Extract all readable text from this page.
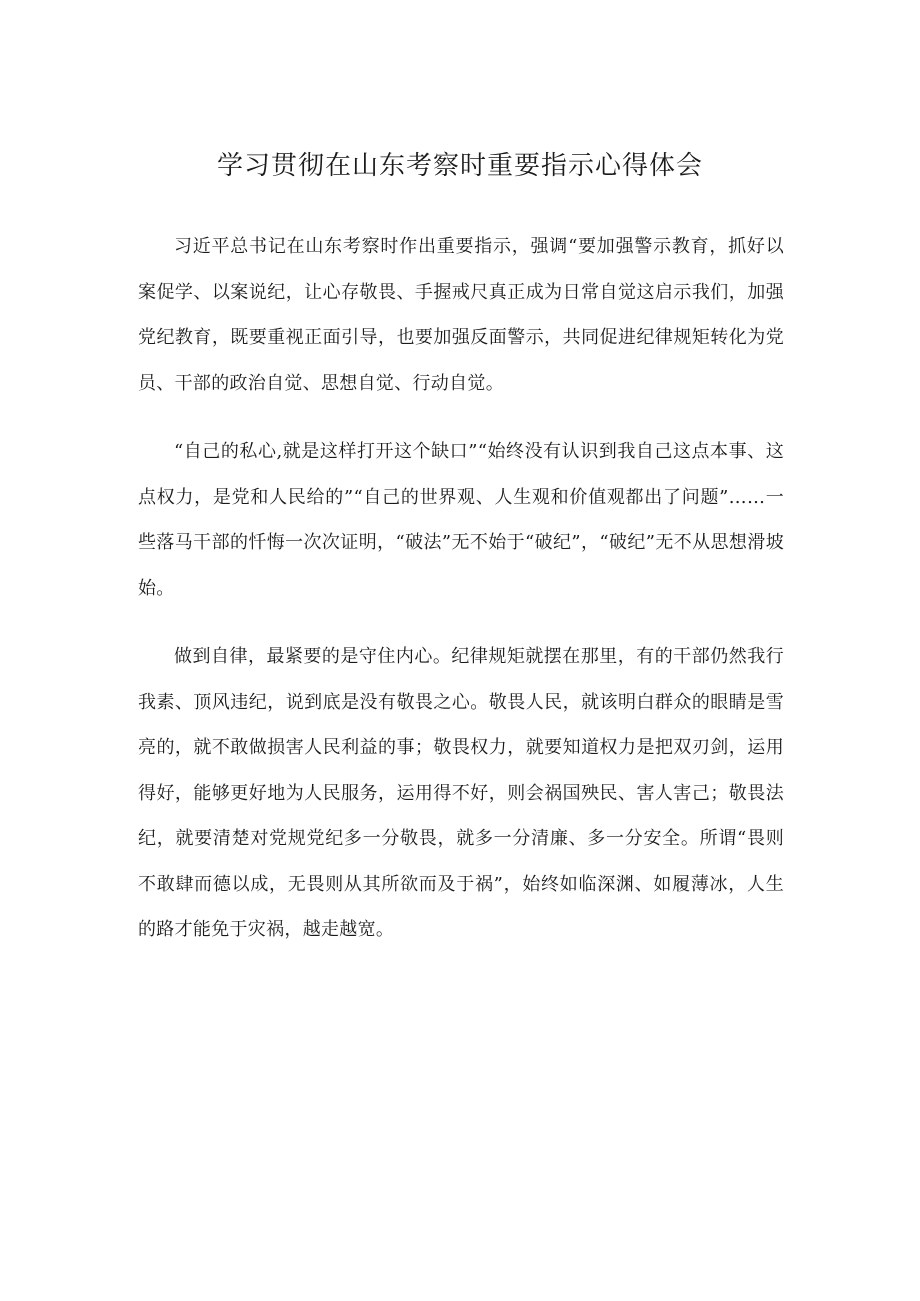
学习贯彻在山东考察时重要指示心得体会

习近平总书记在山东考察时作出重要指示，强调“要加强警示教育，抓好以案促学、以案说纪，让心存敬畏、手握戒尺真正成为日常自觉这启示我们，加强党纪教育，既要重视正面引导，也要加强反面警示，共同促进纪律规矩转化为党员、干部的政治自觉、思想自觉、行动自觉。

“自己的私心,就是这样打开这个缺口”“始终没有认识到我自己这点本事、这点权力，是党和人民给的”“自己的世界观、人生观和价值观都出了问题”……一些落马干部的忏悔一次次证明，“破法”无不始于“破纪”，“破纪”无不从思想滑坡始。

做到自律，最紧要的是守住内心。纪律规矩就摆在那里，有的干部仍然我行我素、顶风违纪，说到底是没有敬畏之心。敬畏人民，就该明白群众的眼睛是雪亮的，就不敢做损害人民利益的事；敬畏权力，就要知道权力是把双刃剑，运用得好，能够更好地为人民服务，运用得不好，则会祸国殃民、害人害己；敬畏法纪，就要清楚对党规党纪多一分敬畏，就多一分清廉、多一分安全。所谓“畏则不敢肆而德以成，无畏则从其所欲而及于祸”，始终如临深渊、如履薄冰，人生的路才能免于灾祸，越走越宽。
